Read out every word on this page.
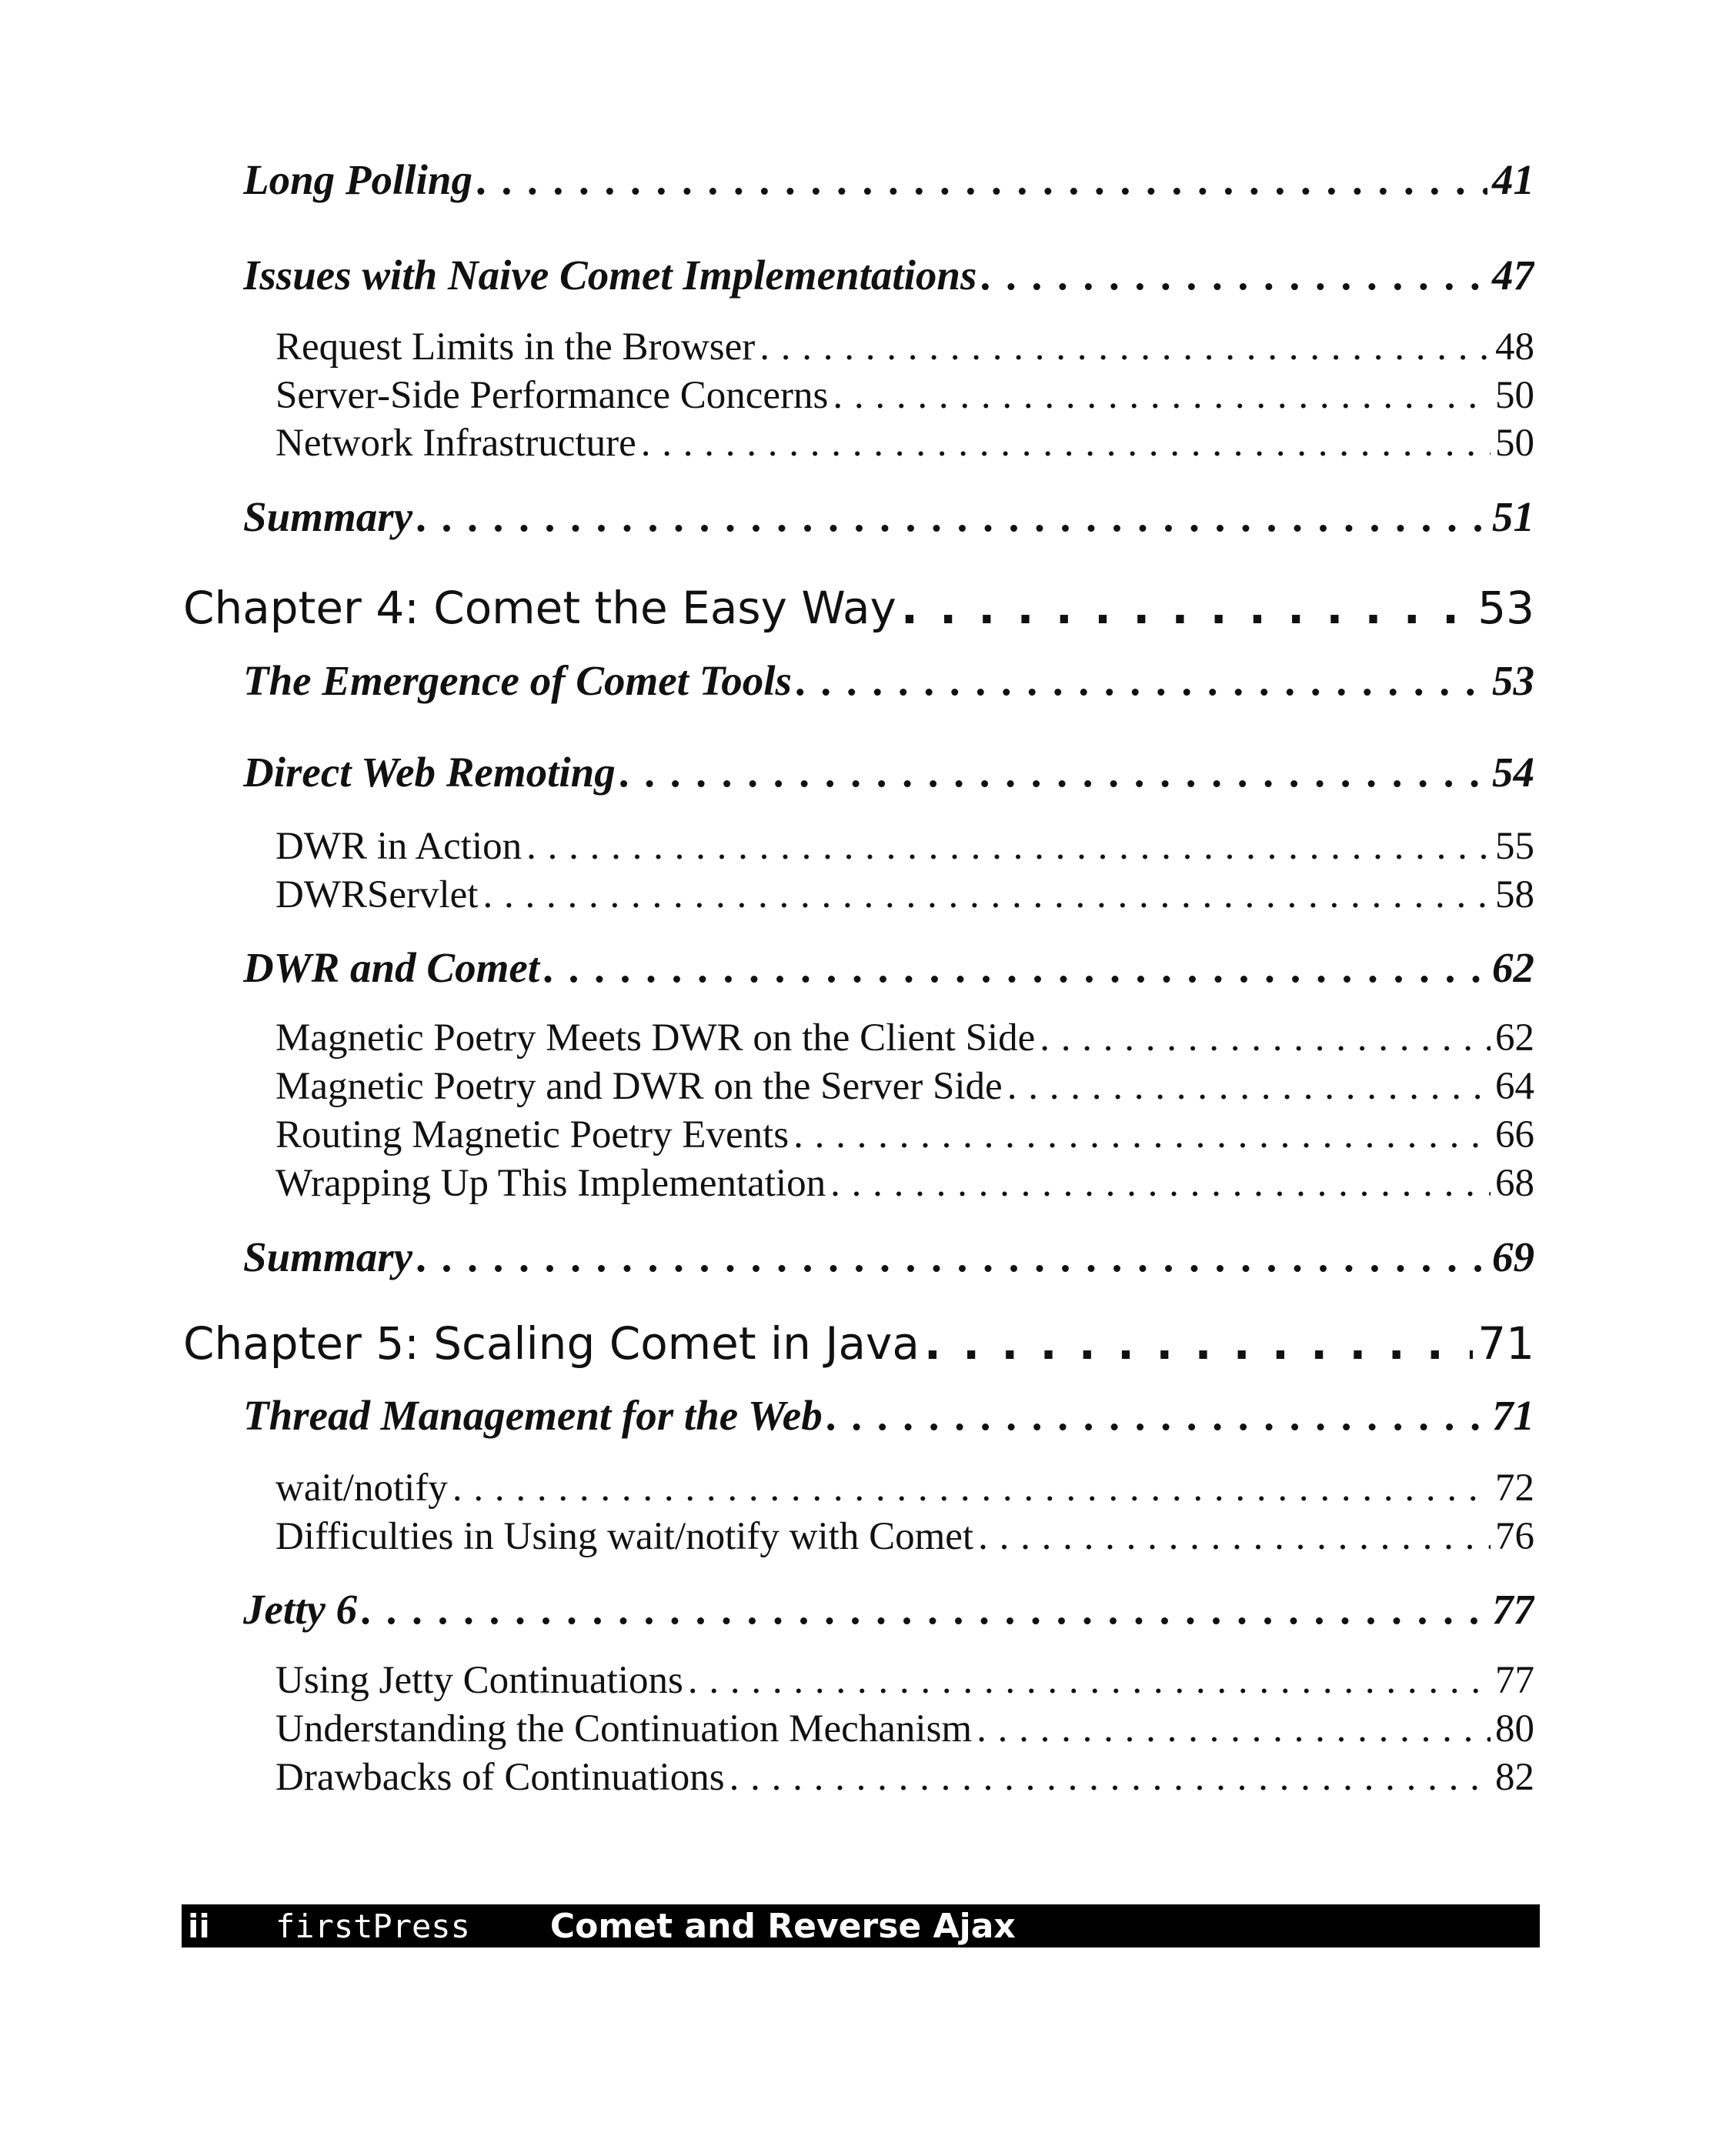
Long Polling . . .	41
Issues with Naive Comet Implementations . . .	47
Request Limits in the Browser . . .	48
Server-Side Performance Concerns . . .	50
Network Infrastructure . . .	50
Summary . . .	51
Chapter 4: Comet the Easy Way . . .	53
The Emergence of Comet Tools . . .	53
Direct Web Remoting . . .	54
DWR in Action . . .	55
DWRServlet . . .	58
DWR and Comet . . .	62
Magnetic Poetry Meets DWR on the Client Side . . .	62
Magnetic Poetry and DWR on the Server Side . . .	64
Routing Magnetic Poetry Events . . .	66
Wrapping Up This Implementation . . .	68
Summary . . .	69
Chapter 5: Scaling Comet in Java . . .	71
Thread Management for the Web . . .	71
wait/notify . . .	72
Difficulties in Using wait/notify with Comet . . .	76
Jetty 6 . . .	77
Using Jetty Continuations . . .	77
Understanding the Continuation Mechanism . . .	80
Drawbacks of Continuations . . .	82
ii	firstPress Comet and Reverse Ajax
